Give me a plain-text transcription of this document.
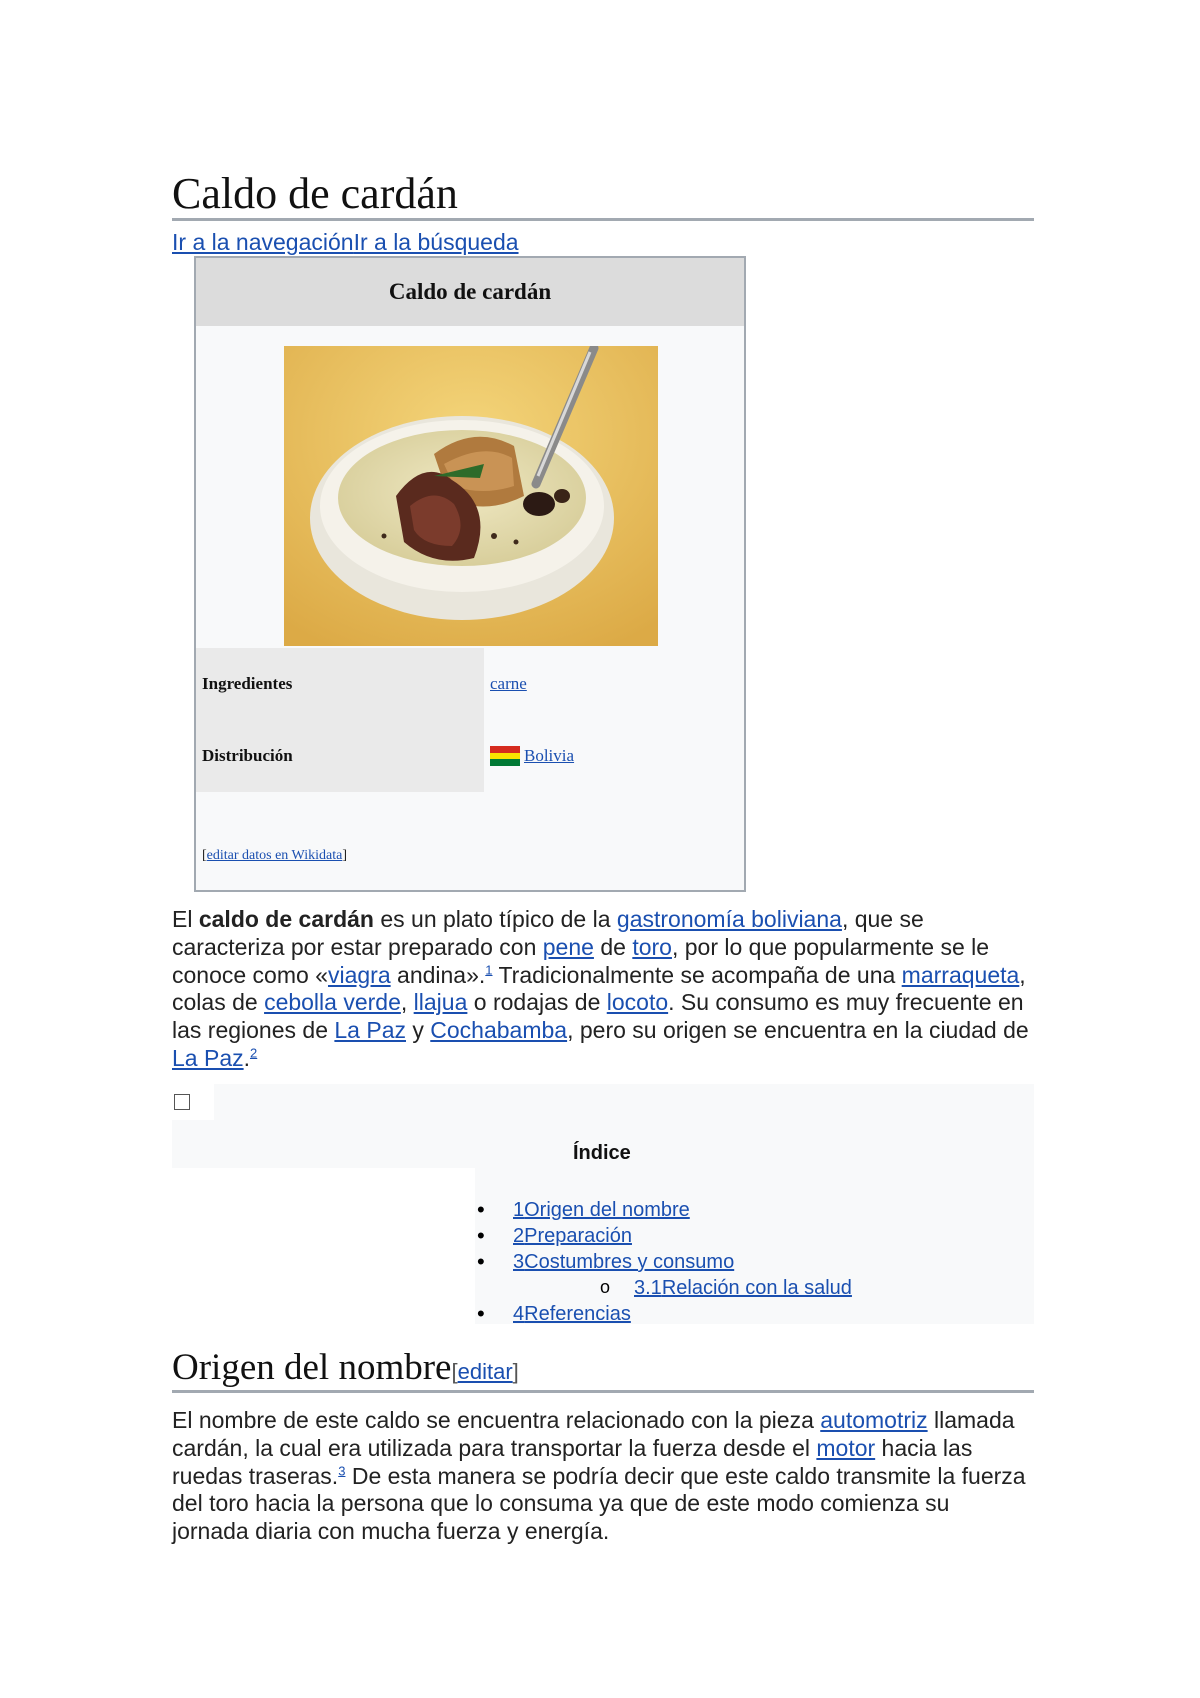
Caldo de cardán
Ir a la navegaciónIr a la búsqueda
Caldo de cardán
Ingredientes
Distribución
carne
Bolivia
[editar datos en Wikidata]

El caldo de cardán es un plato típico de la gastronomía boliviana, que se caracteriza por estar preparado con pene de toro, por lo que popularmente se le conoce como «viagra andina».$^1$ Tradicionalmente se acompaña de una marraqueta, colas de cebolla verde, llajua o rodajas de locoto. Su consumo es muy frecuente en las regiones de La Paz y Cochabamba, pero su origen se encuentra en la ciudad de La Paz.$^2$

Índice
• 1Origen del nombre
• 2Preparación
• 3Costumbres y consumo
o 3.1Relación con la salud
• 4Referencias
Origen del nombre[editar]

El nombre de este caldo se encuentra relacionado con la pieza automotriz llamada cardán, la cual era utilizada para transportar la fuerza desde el motor hacia las ruedas traseras.$^3$ De esta manera se podría decir que este caldo transmite la fuerza del toro hacia la persona que lo consuma ya que de este modo comienza su jornada diaria con mucha fuerza y energía.
